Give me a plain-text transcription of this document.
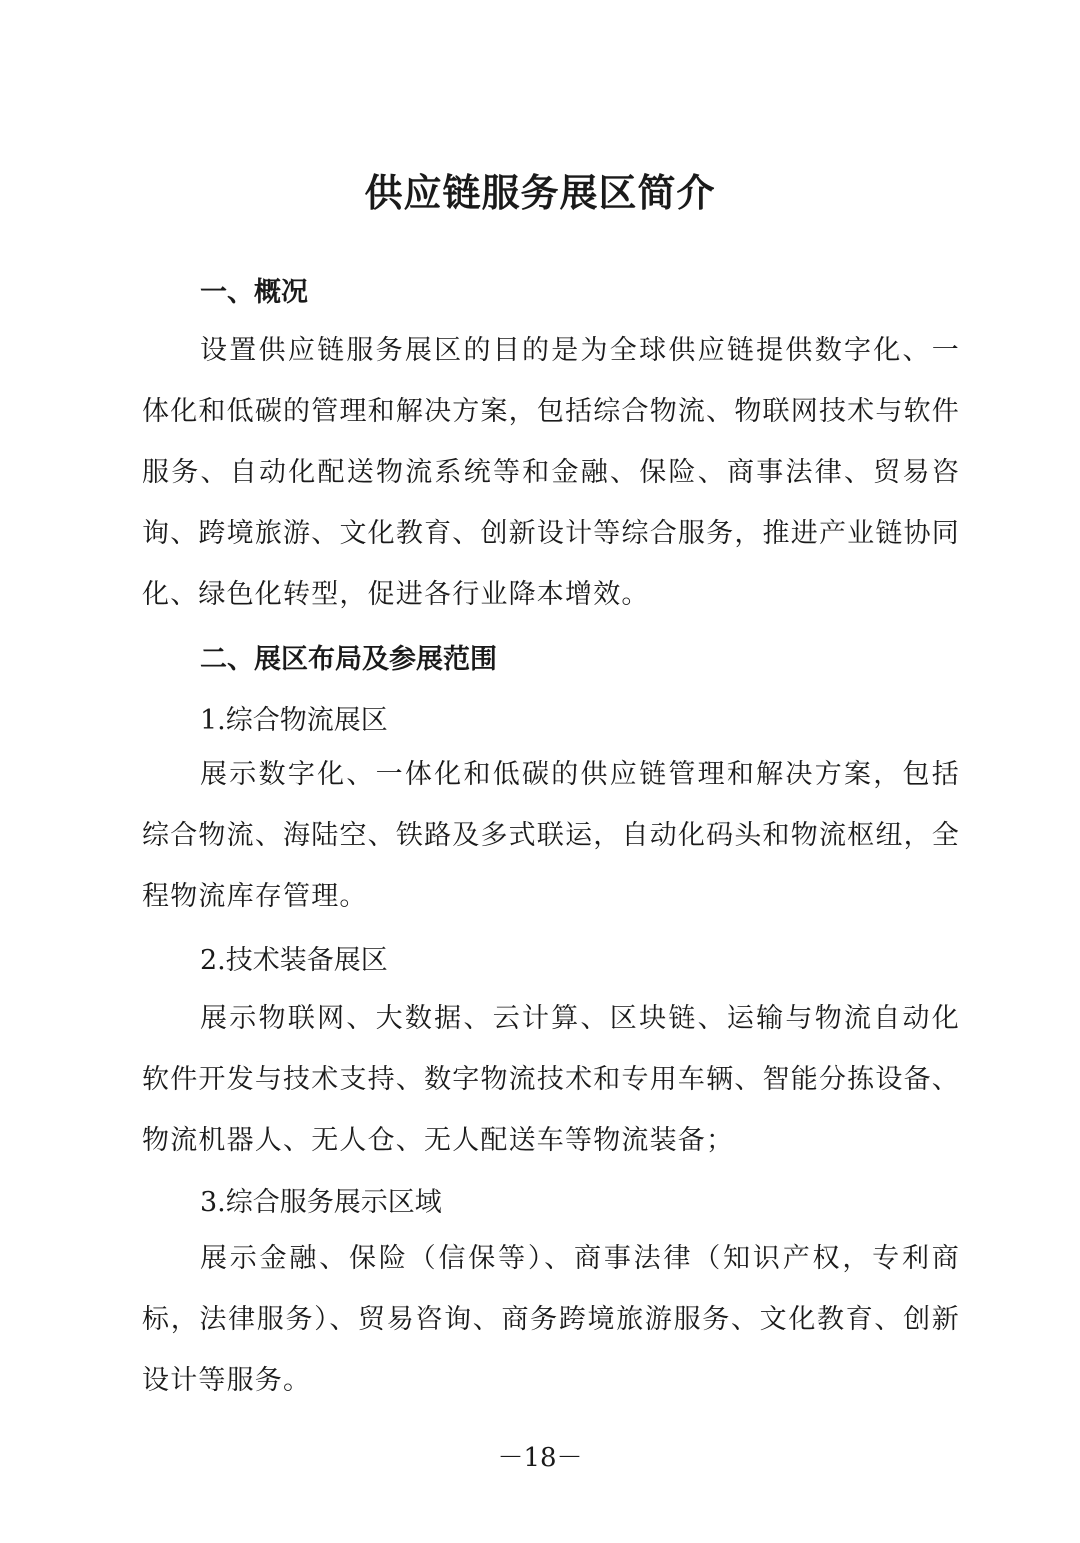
供应链服务展区简介
一、概况
设置供应链服务展区的目的是为全球供应链提供数字化、一体化和低碳的管理和解决方案，包括综合物流、物联网技术与软件服务、自动化配送物流系统等和金融、保险、商事法律、贸易咨询、跨境旅游、文化教育、创新设计等综合服务，推进产业链协同化、绿色化转型，促进各行业降本增效。
二、展区布局及参展范围
1.综合物流展区
展示数字化、一体化和低碳的供应链管理和解决方案，包括综合物流、海陆空、铁路及多式联运，自动化码头和物流枢纽，全程物流库存管理。
2.技术装备展区
展示物联网、大数据、云计算、区块链、运输与物流自动化软件开发与技术支持、数字物流技术和专用车辆、智能分拣设备、物流机器人、无人仓、无人配送车等物流装备；
3.综合服务展示区域
展示金融、保险（信保等）、商事法律（知识产权，专利商标，法律服务）、贸易咨询、商务跨境旅游服务、文化教育、创新设计等服务。
－18－
